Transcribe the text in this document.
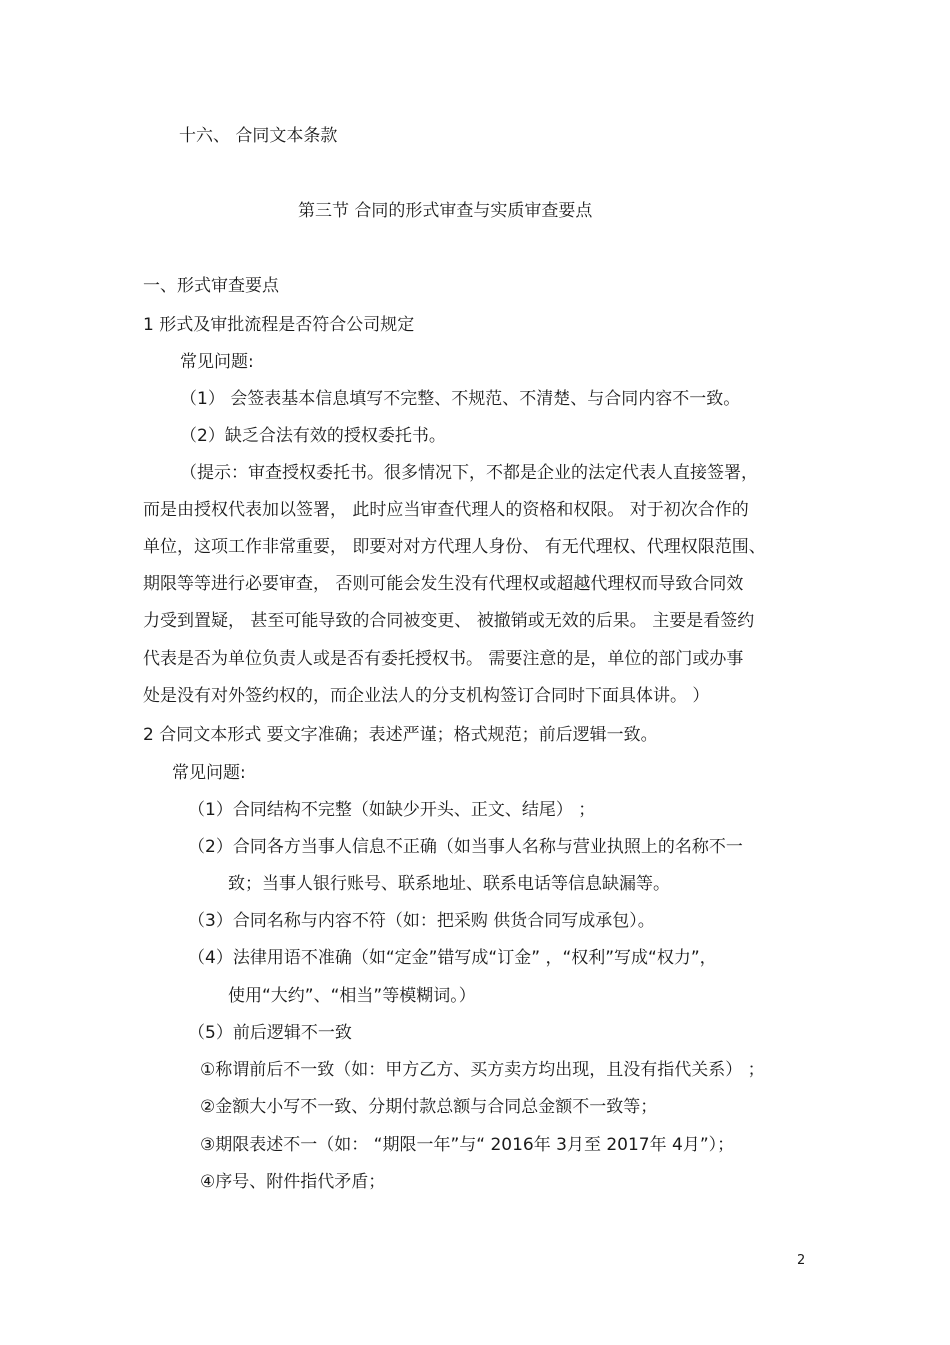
十六、 合同文本条款
第三节 合同的形式审查与实质审查要点
一、形式审查要点
1 形式及审批流程是否符合公司规定
常见问题:
（1） 会签表基本信息填写不完整、不规范、不清楚、与合同内容不一致。
（2）缺乏合法有效的授权委托书。
（提示：审查授权委托书。很多情况下，不都是企业的法定代表人直接签署，
而是由授权代表加以签署， 此时应当审查代理人的资格和权限。 对于初次合作的
单位，这项工作非常重要， 即要对对方代理人身份、 有无代理权、代理权限范围、
期限等等进行必要审查， 否则可能会发生没有代理权或超越代理权而导致合同效
力受到置疑， 甚至可能导致的合同被变更、 被撤销或无效的后果。 主要是看签约
代表是否为单位负责人或是否有委托授权书。 需要注意的是，单位的部门或办事
处是没有对外签约权的，而企业法人的分支机构签订合同时下面具体讲。 ）
2 合同文本形式 要文字准确；表述严谨；格式规范；前后逻辑一致。
常见问题:
（1）合同结构不完整（如缺少开头、正文、结尾） ；
（2）合同各方当事人信息不正确（如当事人名称与营业执照上的名称不一
致；当事人银行账号、联系地址、联系电话等信息缺漏等。
（3）合同名称与内容不符（如：把采购 供货合同写成承包）。
（4）法律用语不准确（如“定金”错写成“订金” ，“权利”写成“权力”，
使用“大约”、“相当”等模糊词。）
（5）前后逻辑不一致
①称谓前后不一致（如：甲方乙方、买方卖方均出现，且没有指代关系） ；
②金额大小写不一致、分期付款总额与合同总金额不一致等；
③期限表述不一（如： “期限一年”与“ 2016年 3月至 2017年 4月”）；
④序号、附件指代矛盾；
2
